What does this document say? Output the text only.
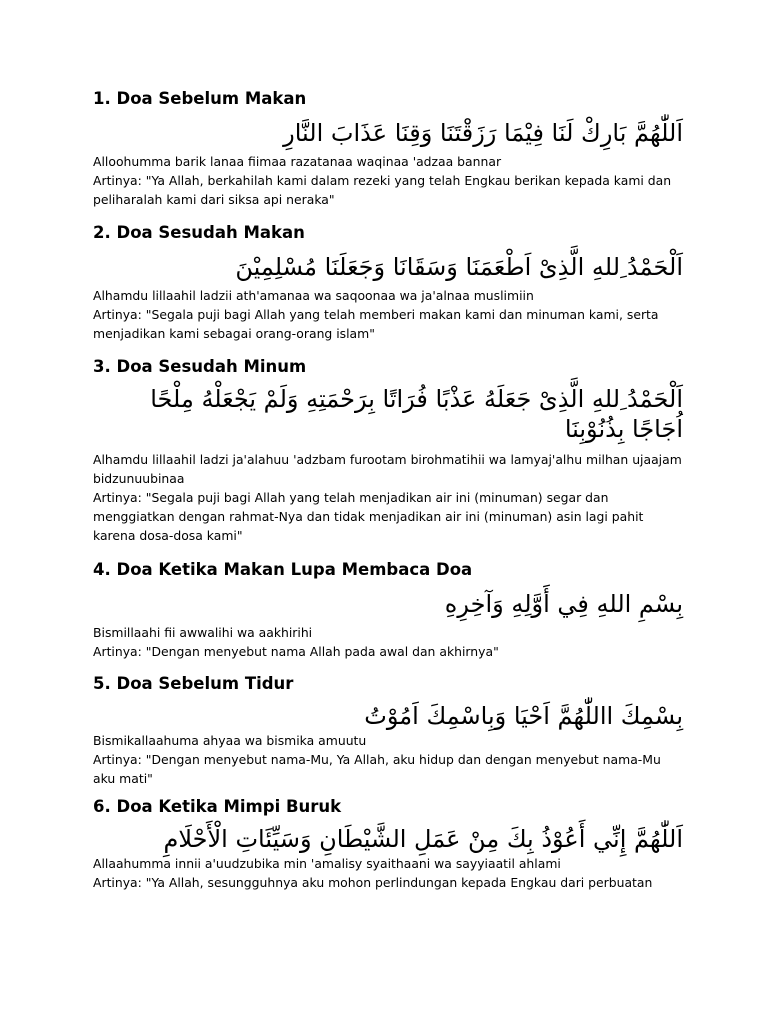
1. Doa Sebelum Makan

اَللّٰهُمَّ بَارِكْ لَنَا فِيْمَا رَزَقْتَنَا وَقِنَا عَذَابَ النَّارِ

Alloohumma barik lanaa fiimaa razatanaa waqinaa 'adzaa bannar

Artinya: "Ya Allah, berkahilah kami dalam rezeki yang telah Engkau berikan kepada kami dan peliharalah kami dari siksa api neraka"

2. Doa Sesudah Makan

اَلْحَمْدُ ِللهِ الَّذِىْ اَطْعَمَنَا وَسَقَانَا وَجَعَلَنَا مُسْلِمِيْنَ

Alhamdu lillaahil ladzii ath'amanaa wa saqoonaa wa ja'alnaa muslimiin

Artinya: "Segala puji bagi Allah yang telah memberi makan kami dan minuman kami, serta menjadikan kami sebagai orang-orang islam"

3. Doa Sesudah Minum

اَلْحَمْدُ ِللهِ الَّذِىْ جَعَلَهُ عَذْبًا فُرَاتًا بِرَحْمَتِهِ وَلَمْ يَجْعَلْهُ مِلْحًا اُجَاجًا بِذُنُوْبِنَا

Alhamdu lillaahil ladzi ja'alahuu 'adzbam furootam birohmatihii wa lamyaj'alhu milhan ujaajam bidzunuubinaa

Artinya: "Segala puji bagi Allah yang telah menjadikan air ini (minuman) segar dan menggiatkan dengan rahmat-Nya dan tidak menjadikan air ini (minuman) asin lagi pahit karena dosa-dosa kami"

4. Doa Ketika Makan Lupa Membaca Doa

بِسْمِ اللهِ فِي أَوَّلِهِ وَآخِرِهِ

Bismillaahi fii awwalihi wa aakhirihi

Artinya: "Dengan menyebut nama Allah pada awal dan akhirnya"

5. Doa Sebelum Tidur

بِسْمِكَ االلّٰهُمَّ اَحْيَا وَبِاسْمِكَ اَمُوْتُ

Bismikallaahuma ahyaa wa bismika amuutu

Artinya: "Dengan menyebut nama-Mu, Ya Allah, aku hidup dan dengan menyebut nama-Mu aku mati"

6. Doa Ketika Mimpi Buruk

اَللّٰهُمَّ إِنِّي أَعُوْذُ بِكَ مِنْ عَمَلِ الشَّيْطَانِ وَسَيِّئَاتِ الْأَحْلَامِ

Allaahumma innii a'uudzubika min 'amalisy syaithaani wa sayyiaatil ahlami

Artinya: "Ya Allah, sesungguhnya aku mohon perlindungan kepada Engkau dari perbuatan
